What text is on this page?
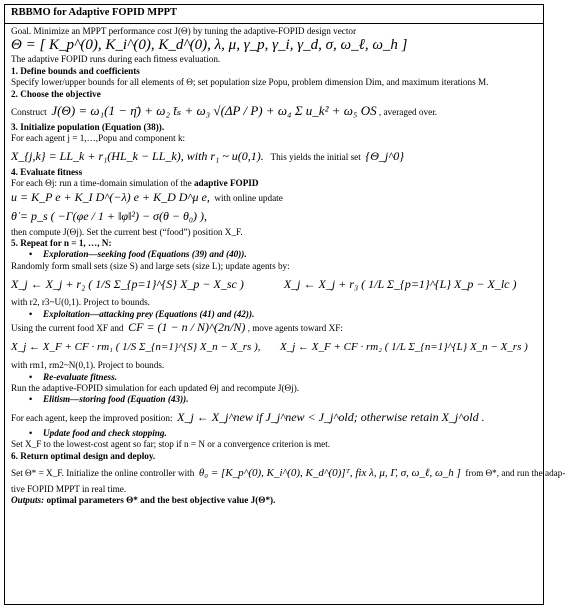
RBBMO for Adaptive FOPID MPPT
Goal. Minimize an MPPT performance cost J(Θ) by tuning the adaptive-FOPID design vector
Θ = [ K_p^(0), K_i^(0), K_d^(0), λ, μ, γ_p, γ_i, γ_d, σ, ω_ℓ, ω_h ]
The adaptive FOPID runs during each fitness evaluation.
1. Define bounds and coefficients
Specify lower/upper bounds for all elements of Θ; set population size Popu, problem dimension Dim, and maximum iterations M.
2. Choose the objective
Construct J(Θ) = ω₁(1 − η̄) + ω₂ t̄ₛ + ω₃ √(ΔP / P) + ω₄ Σ u_k² + ω₅ OS , averaged over.
3. Initialize population (Equation (38)).
For each agent j = 1,…,Popu and component k:
X_{j,k} = LL_k + r₁(HL_k − LL_k), with r₁ ~ u(0,1). This yields the initial set {Θ_j^0}
4. Evaluate fitness
For each Θj: run a time-domain simulation of the adaptive FOPID
u = K_P e + K_I D^(−λ) e + K_D D^μ e, with online update
θ̇ = p_s ( −Γ(φe / 1 + ‖φ‖²) − σ(θ − θ₀) ),
then compute J(Θj). Set the current best (“food”) position X_F.
5. Repeat for n = 1, …, N:
• Exploration—seeking food (Equations (39) and (40)).
Randomly form small sets (size S) and large sets (size L); update agents by:
X_j ← X_j + r₂ ( 1/S Σ_{p=1}^{S} X_p − X_sc )	X_j ← X_j + r₃ ( 1/L Σ_{p=1}^{L} X_p − X_lc )
with r2, r3~U(0,1). Project to bounds.
• Exploitation—attacking prey (Equations (41) and (42)).
Using the current food XF and CF = (1 − n / N)^(2n/N) , move agents toward XF:
X_j ← X_F + CF · rm₁ ( 1/S Σ_{n=1}^{S} X_n − X_rs ), X_j ← X_F + CF · rm₂ ( 1/L Σ_{n=1}^{L} X_n − X_rs )
with rm1, rm2~N(0,1). Project to bounds.
• Re-evaluate fitness.
Run the adaptive-FOPID simulation for each updated Θj and recompute J(Θj).
• Elitism—storing food (Equation (43)).
For each agent, keep the improved position: X_j ← X_j^new if J_j^new < J_j^old; otherwise retain X_j^old .
• Update food and check stopping.
Set X_F to the lowest-cost agent so far; stop if n = N or a convergence criterion is met.
6. Return optimal design and deploy.
Set Θ* = X_F. Initialize the online controller with θ₀ = [K_p^(0), K_i^(0), K_d^(0)]ᵀ, fix λ, μ, Γ, σ, ω_ℓ, ω_h ] from Θ*, and run the adap-
tive FOPID MPPT in real time.
Outputs: optimal parameters Θ* and the best objective value J(Θ*).
